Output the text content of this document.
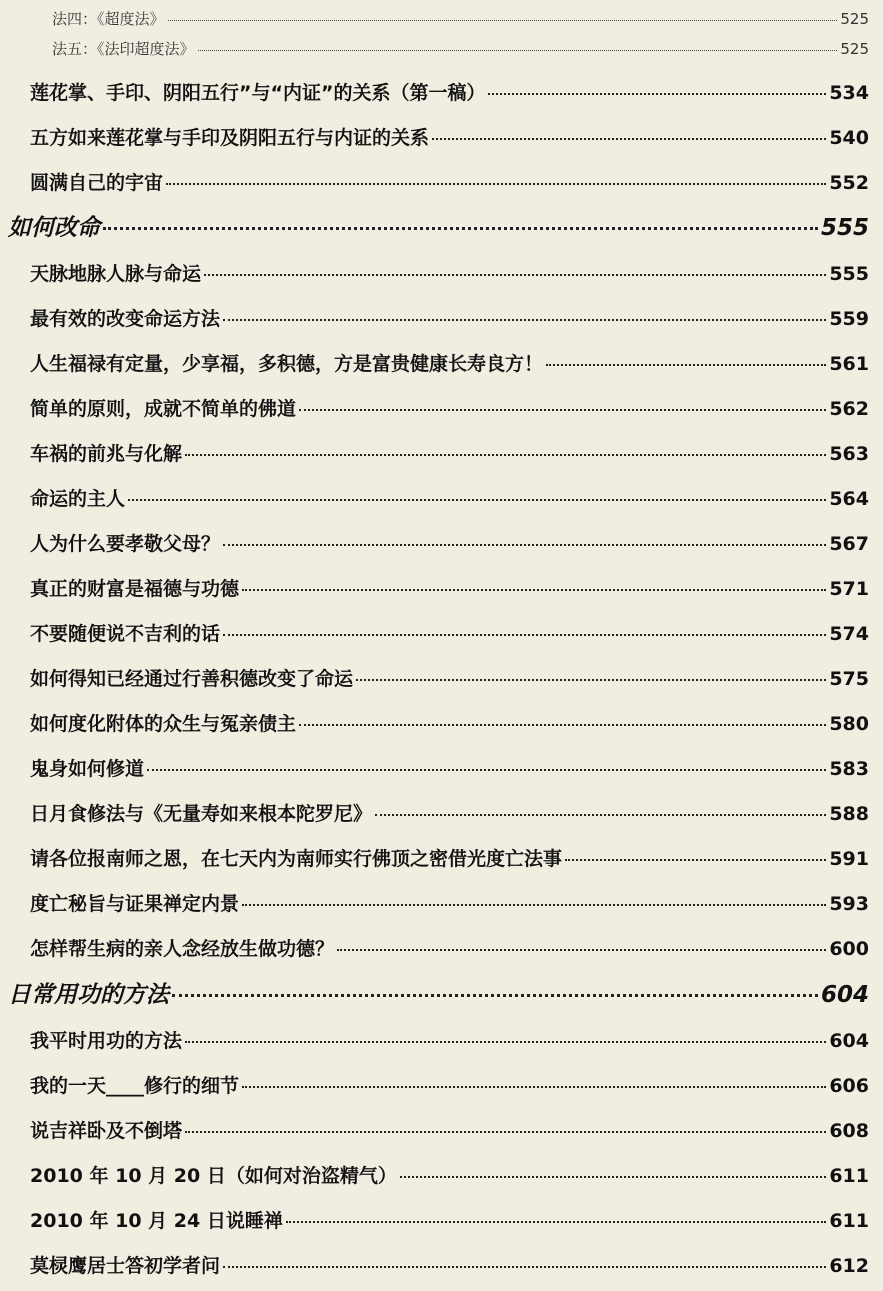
法四：《超度法》	525
法五：《法印超度法》	525
莲花掌、手印、阴阳五行”与“内证”的关系（第一稿）	534
五方如来莲花掌与手印及阴阳五行与内证的关系	540
圆满自己的宇宙	552
如何改命	555
天脉地脉人脉与命运	555
最有效的改变命运方法	559
人生福禄有定量，少享福，多积德，方是富贵健康长寿良方！	561
简单的原则，成就不简单的佛道	562
车祸的前兆与化解	563
命运的主人	564
人为什么要孝敬父母？	567
真正的财富是福德与功德	571
不要随便说不吉利的话	574
如何得知已经通过行善积德改变了命运	575
如何度化附体的众生与冤亲债主	580
鬼身如何修道	583
日月食修法与《无量寿如来根本陀罗尼》	588
请各位报南师之恩，在七天内为南师实行佛顶之密借光度亡法事	591
度亡秘旨与证果禅定内景	593
怎样帮生病的亲人念经放生做功德？	600
日常用功的方法	604
我平时用功的方法	604
我的一天____修行的细节	606
说吉祥卧及不倒塔	608
2010 年 10 月 20 日（如何对治盗精气）	611
2010 年 10 月 24 日说睡禅	611
莫棂鹰居士答初学者问	612
